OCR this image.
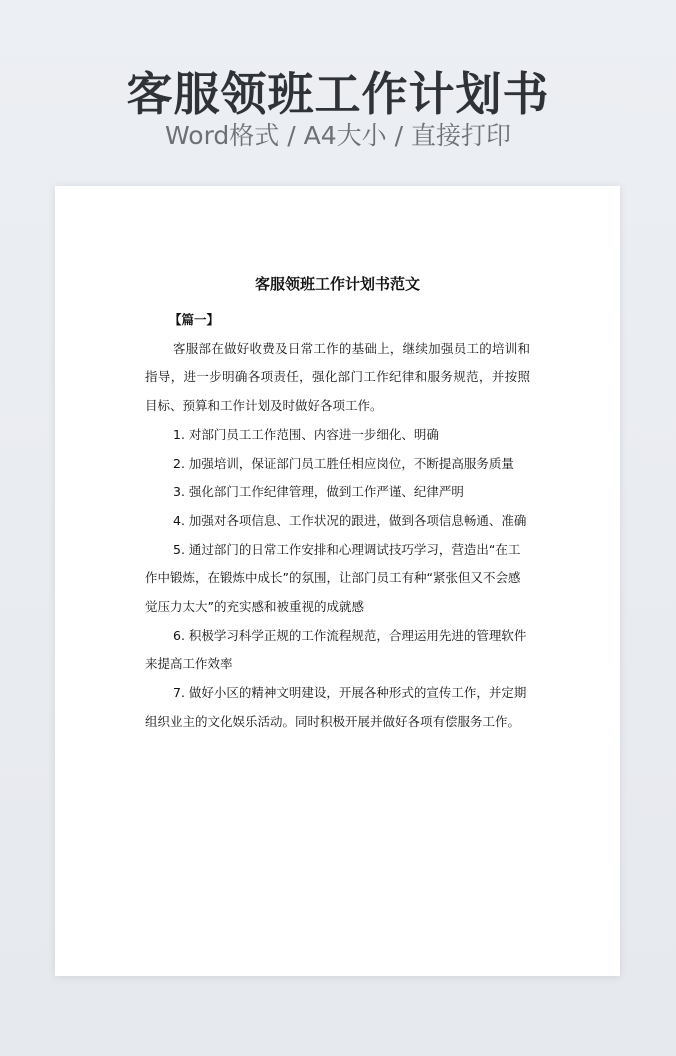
客服领班工作计划书
Word格式 / A4大小 / 直接打印
客服领班工作计划书范文
【篇一】

客服部在做好收费及日常工作的基础上，继续加强员工的培训和指导，进一步明确各项责任，强化部门工作纪律和服务规范，并按照目标、预算和工作计划及时做好各项工作。

1. 对部门员工工作范围、内容进一步细化、明确

2. 加强培训，保证部门员工胜任相应岗位，不断提高服务质量

3. 强化部门工作纪律管理，做到工作严谨、纪律严明

4. 加强对各项信息、工作状况的跟进，做到各项信息畅通、准确

5. 通过部门的日常工作安排和心理调试技巧学习，营造出“在工作中锻炼，在锻炼中成长”的氛围，让部门员工有种“紧张但又不会感觉压力太大”的充实感和被重视的成就感

6. 积极学习科学正规的工作流程规范，合理运用先进的管理软件来提高工作效率

7. 做好小区的精神文明建设，开展各种形式的宣传工作，并定期组织业主的文化娱乐活动。同时积极开展并做好各项有偿服务工作。
